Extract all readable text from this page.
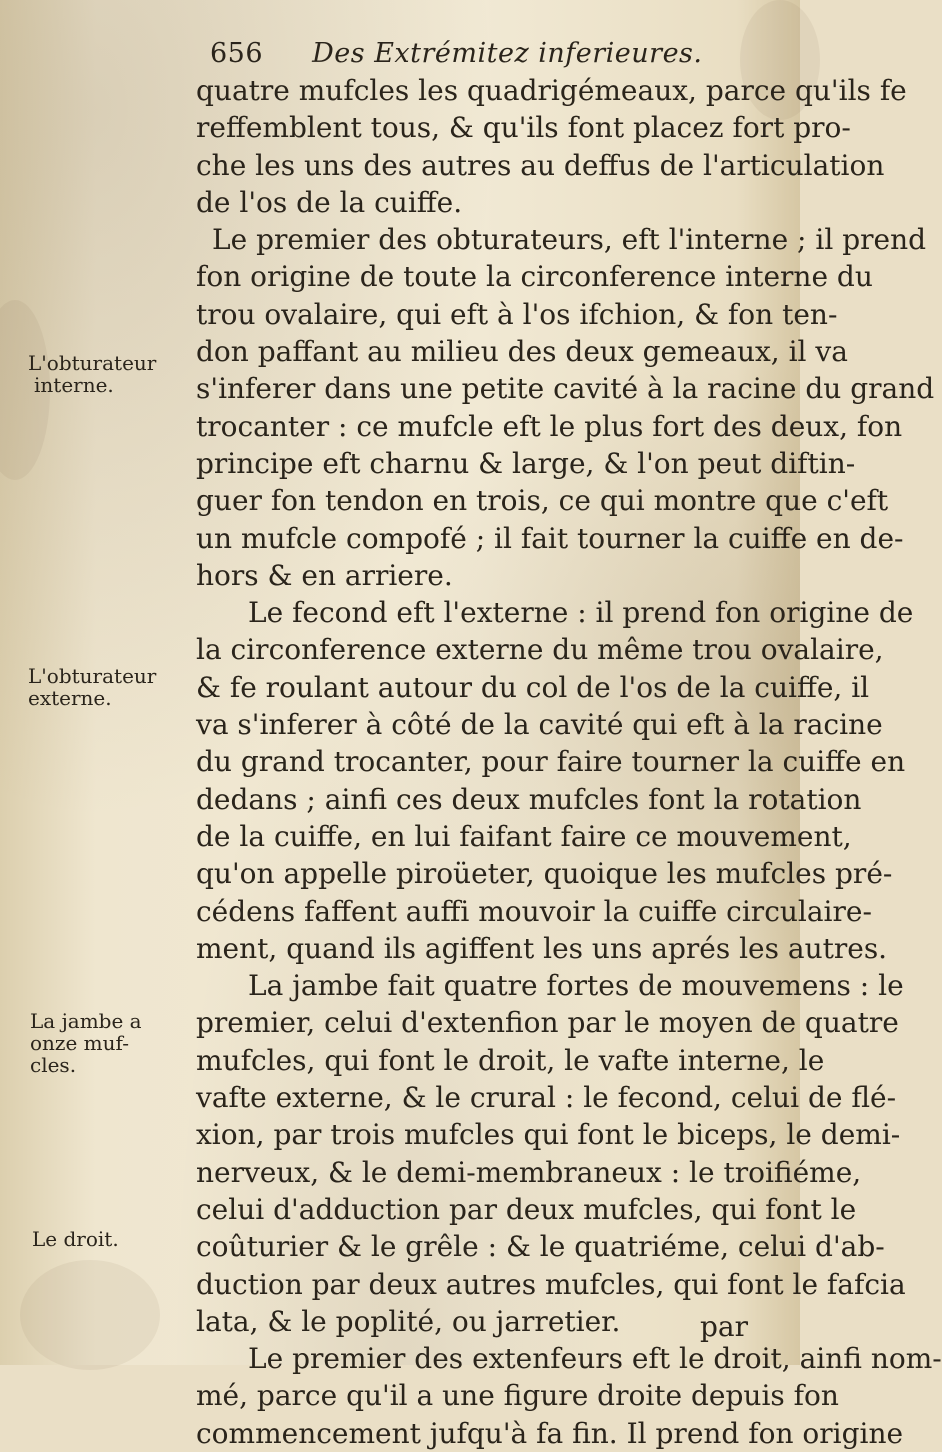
656 Des Extrémitez inferieures.
L'obturateur
interne.
L'obturateur
externe.
La jambe a
onze muf-
cles.
Le droit.
quatre mufcles les quadrigémeaux, parce qu'ils fe
reffemblent tous, & qu'ils font placez fort pro-
che les uns des autres au deffus de l'articulation
de l'os de la cuiffe.
Le premier des obturateurs, eft l'interne ; il prend
fon origine de toute la circonference interne du
trou ovalaire, qui eft à l'os ifchion, & fon ten-
don paffant au milieu des deux gemeaux, il va
s'inferer dans une petite cavité à la racine du grand
trocanter : ce mufcle eft le plus fort des deux, fon
principe eft charnu & large, & l'on peut diftin-
guer fon tendon en trois, ce qui montre que c'eft
un mufcle compofé ; il fait tourner la cuiffe en de-
hors & en arriere.
Le fecond eft l'externe : il prend fon origine de
la circonference externe du même trou ovalaire,
& fe roulant autour du col de l'os de la cuiffe, il
va s'inferer à côté de la cavité qui eft à la racine
du grand trocanter, pour faire tourner la cuiffe en
dedans ; ainfi ces deux mufcles font la rotation
de la cuiffe, en lui faifant faire ce mouvement,
qu'on appelle piroüeter, quoique les mufcles pré-
cédens faffent auffi mouvoir la cuiffe circulaire-
ment, quand ils agiffent les uns aprés les autres.
La jambe fait quatre fortes de mouvemens : le
premier, celui d'extenfion par le moyen de quatre
mufcles, qui font le droit, le vafte interne, le
vafte externe, & le crural : le fecond, celui de flé-
xion, par trois mufcles qui font le biceps, le demi-
nerveux, & le demi-membraneux : le troifiéme,
celui d'adduction par deux mufcles, qui font le
coûturier & le grêle : & le quatriéme, celui d'ab-
duction par deux autres mufcles, qui font le fafcia
lata, & le poplité, ou jarretier.
Le premier des extenfeurs eft le droit, ainfi nom-
mé, parce qu'il a une figure droite depuis fon
commencement jufqu'à fa fin. Il prend fon origine
par
